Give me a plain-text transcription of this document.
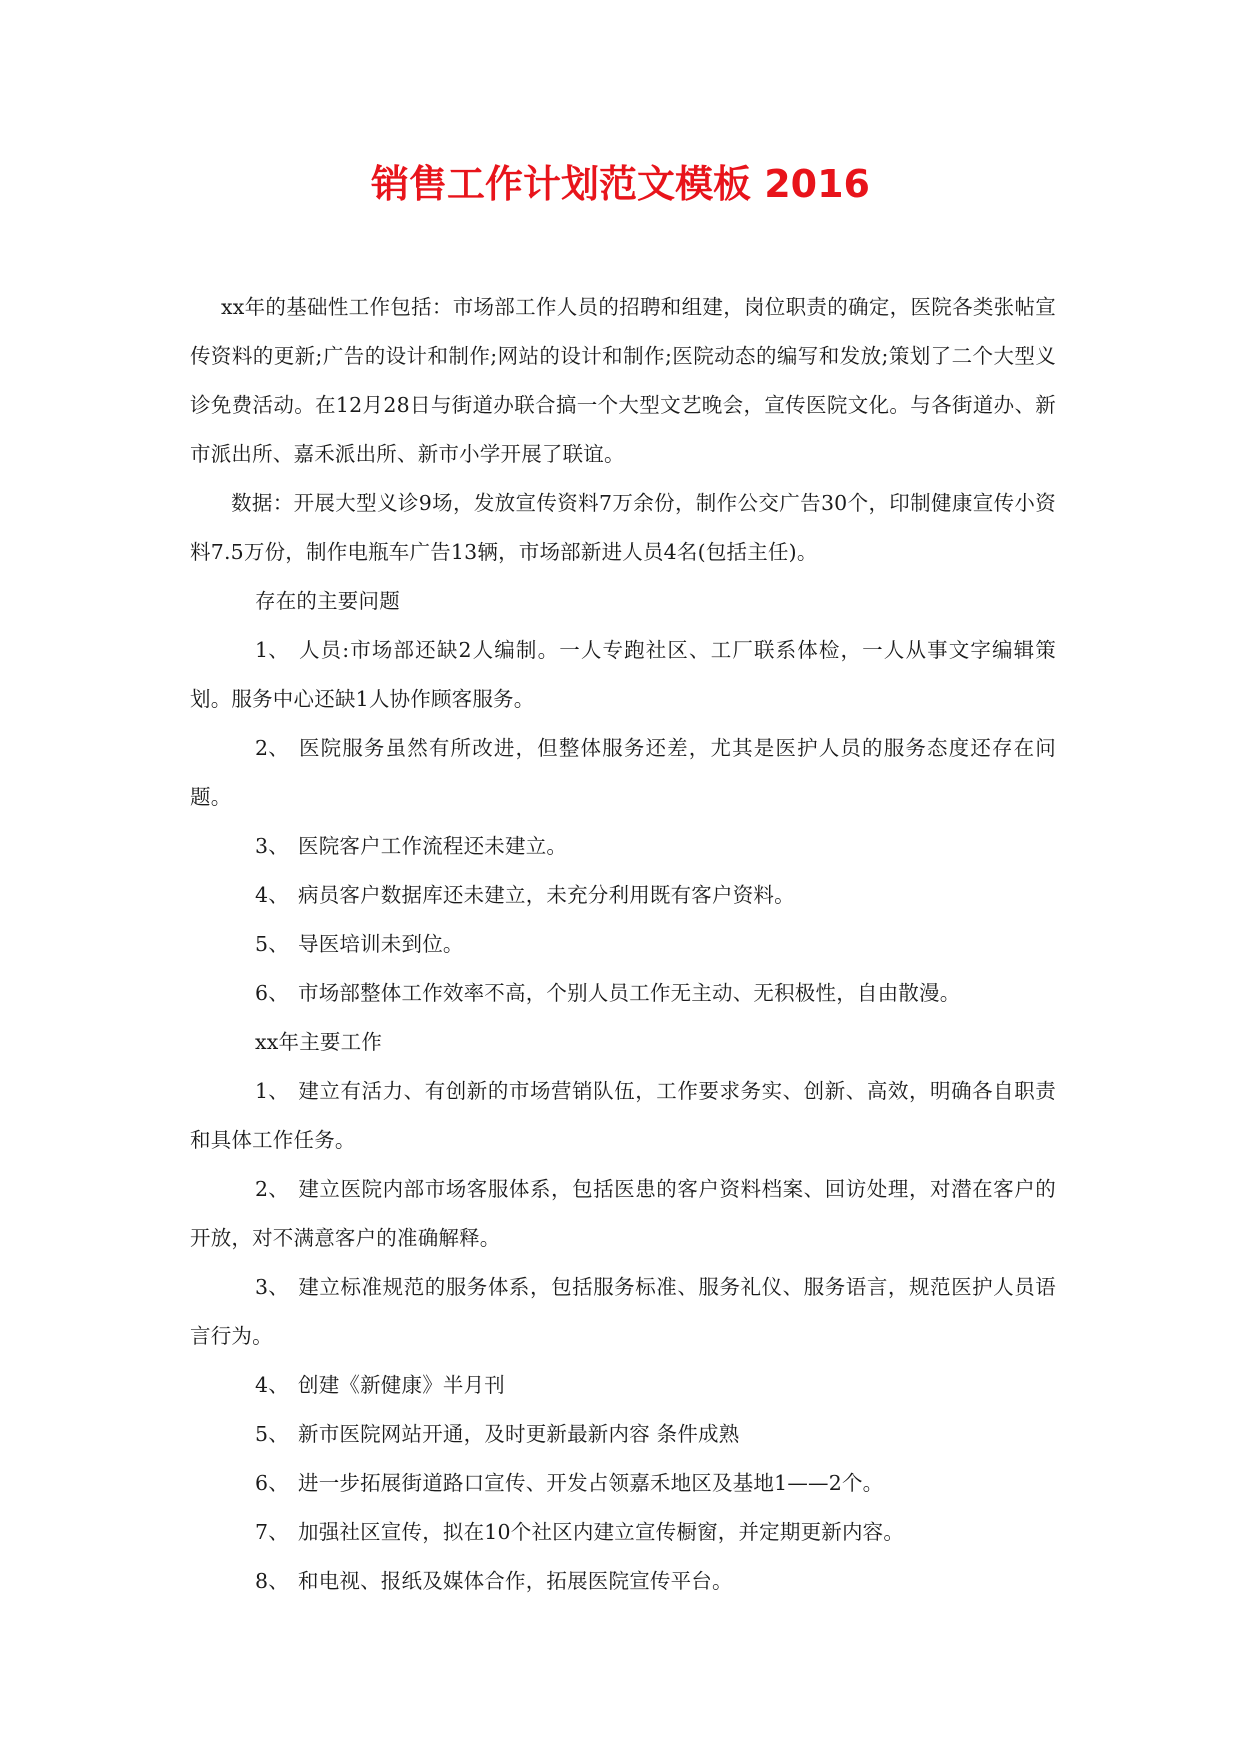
销售工作计划范文模板 2016

xx年的基础性工作包括：市场部工作人员的招聘和组建，岗位职责的确定，医院各类张帖宣传资料的更新;广告的设计和制作;网站的设计和制作;医院动态的编写和发放;策划了二个大型义诊免费活动。在12月28日与街道办联合搞一个大型文艺晚会，宣传医院文化。与各街道办、新市派出所、嘉禾派出所、新市小学开展了联谊。

数据：开展大型义诊9场，发放宣传资料7万余份，制作公交广告30个，印制健康宣传小资料7.5万份，制作电瓶车广告13辆，市场部新进人员4名(包括主任)。

存在的主要问题

1、 人员:市场部还缺2人编制。一人专跑社区、工厂联系体检，一人从事文字编辑策划。服务中心还缺1人协作顾客服务。

2、 医院服务虽然有所改进，但整体服务还差，尤其是医护人员的服务态度还存在问题。

3、 医院客户工作流程还未建立。

4、 病员客户数据库还未建立，未充分利用既有客户资料。

5、 导医培训未到位。

6、 市场部整体工作效率不高，个别人员工作无主动、无积极性，自由散漫。

xx年主要工作

1、 建立有活力、有创新的市场营销队伍，工作要求务实、创新、高效，明确各自职责和具体工作任务。

2、 建立医院内部市场客服体系，包括医患的客户资料档案、回访处理，对潜在客户的开放，对不满意客户的准确解释。

3、 建立标准规范的服务体系，包括服务标准、服务礼仪、服务语言，规范医护人员语言行为。

4、 创建《新健康》半月刊

5、 新市医院网站开通，及时更新最新内容 条件成熟

6、 进一步拓展街道路口宣传、开发占领嘉禾地区及基地1——2个。

7、 加强社区宣传，拟在10个社区内建立宣传橱窗，并定期更新内容。

8、 和电视、报纸及媒体合作，拓展医院宣传平台。
